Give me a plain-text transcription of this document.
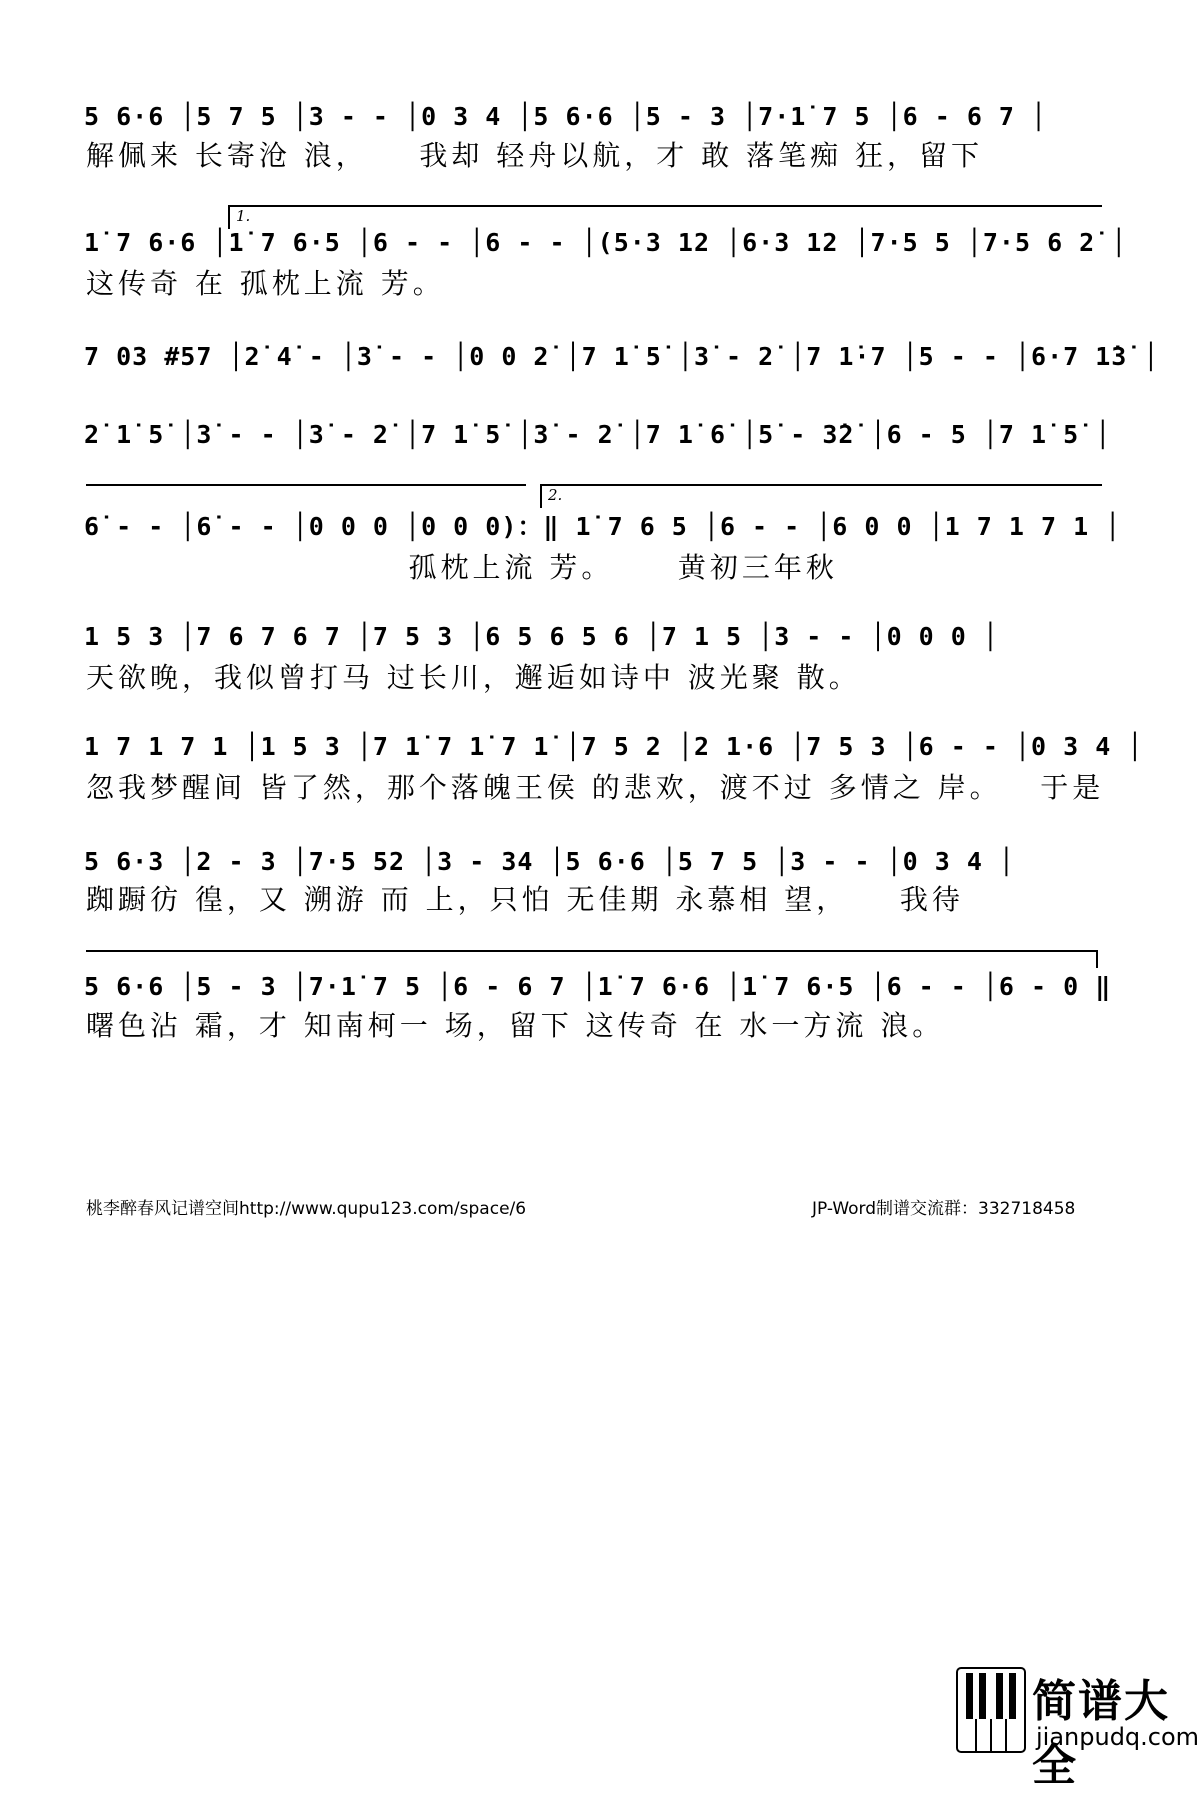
5 6·6 │5 7 5 │3 - - │0 3 4 │5 6·6 │5 - 3 │7·1̇ 7 5 │6 - 6 7 │
解佩来 长寄沧 浪，    我却 轻舟以航，才 敢 落笔痴 狂，留下
1.
1̇ 7 6·6 │1̇ 7 6·5 │6 - - │6 - - │(5·3 12 │6·3 12 │7·5 5 │7·5 6 2̇ │
这传奇 在 孤枕上流 芳。
7 03 #57 │2̇ 4̇ - │3̇ - - │0 0 2̇ │7 1̇ 5̇ │3̇ - 2̇ │7 1̇·7 │5 - - │6·7 1̇3̇ │
2̇ 1̇ 5̇ │3̇ - - │3̇ - 2̇ │7 1̇ 5̇ │3̇ - 2̇ │7 1̇ 6̇ │5̇ - 3̇2̇ │6 - 5 │7 1̇ 5̇ │
2.
6̇ - - │6̇ - - │0 0 0 │0 0 0)：‖ 1̇ 7 6 5 │6 - - │6 0 0 │1 7 1 7 1 │
孤枕上流 芳。     黄初三年秋
1 5 3 │7 6 7 6 7 │7 5 3 │6 5 6 5 6 │7 1 5 │3 - - │0 0 0 │
天欲晚，我似曾打马 过长川，邂逅如诗中 波光聚 散。
1 7 1 7 1 │1 5 3 │7 1̇ 7 1̇ 7 1̇ │7 5 2 │2 1·6 │7 5 3 │6 - - │0 3 4 │
忽我梦醒间 皆了然，那个落魄王侯 的悲欢，渡不过 多情之 岸。   于是
5 6·3 │2 - 3 │7·5 52 │3 - 34 │5 6·6 │5 7 5 │3 - - │0 3 4 │
踟蹰彷 徨，又 溯游 而 上，只怕 无佳期 永慕相 望，    我待
5 6·6 │5 - 3 │7·1̇ 7 5 │6 - 6 7 │1̇ 7 6·6 │1̇ 7 6·5 │6 - - │6 - 0 ‖
曙色沾 霜，才 知南柯一 场，留下 这传奇 在 水一方流 浪。
桃李醉春风记谱空间http://www.qupu123.com/space/6	JP-Word制谱交流群：332718458
简谱大全
jianpudq.com
